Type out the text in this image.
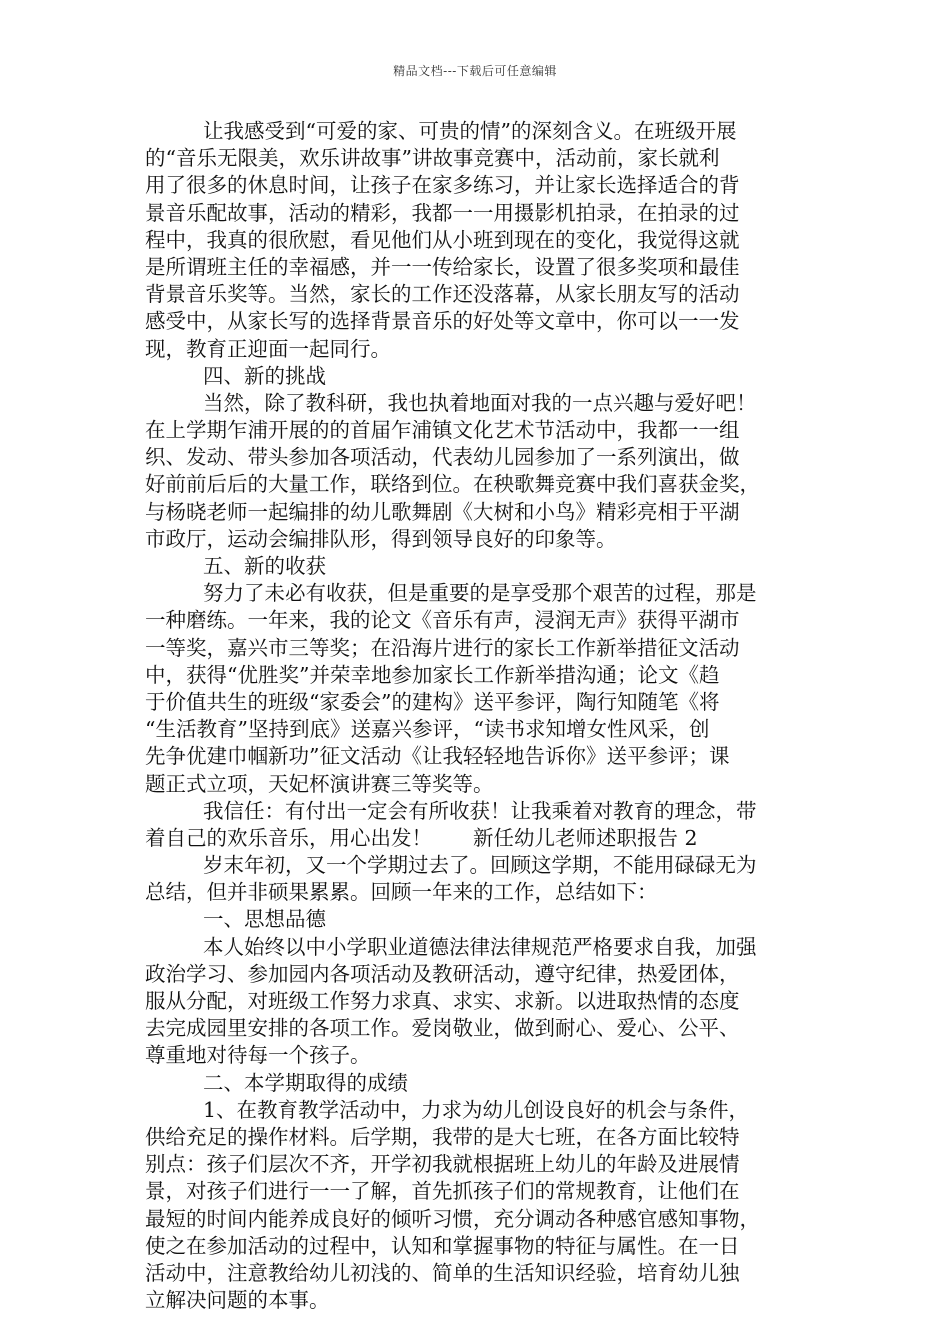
精品文档---下载后可任意编辑
让我感受到“可爱的家、可贵的情”的深刻含义。在班级开展
的“音乐无限美，欢乐讲故事”讲故事竞赛中，活动前，家长就利
用了很多的休息时间，让孩子在家多练习，并让家长选择适合的背
景音乐配故事，活动的精彩，我都一一用摄影机拍录，在拍录的过
程中，我真的很欣慰，看见他们从小班到现在的变化，我觉得这就
是所谓班主任的幸福感，并一一传给家长，设置了很多奖项和最佳
背景音乐奖等。当然，家长的工作还没落幕，从家长朋友写的活动
感受中，从家长写的选择背景音乐的好处等文章中，你可以一一发
现，教育正迎面一起同行。
四、新的挑战
当然，除了教科研，我也执着地面对我的一点兴趣与爱好吧！
在上学期乍浦开展的的首届乍浦镇文化艺术节活动中，我都一一组
织、发动、带头参加各项活动，代表幼儿园参加了一系列演出，做
好前前后后的大量工作，联络到位。在秧歌舞竞赛中我们喜获金奖，
与杨晓老师一起编排的幼儿歌舞剧《大树和小鸟》精彩亮相于平湖
市政厅，运动会编排队形，得到领导良好的印象等。
五、新的收获
努力了未必有收获，但是重要的是享受那个艰苦的过程，那是
一种磨练。一年来，我的论文《音乐有声，浸润无声》获得平湖市
一等奖，嘉兴市三等奖；在沿海片进行的家长工作新举措征文活动
中，获得“优胜奖”并荣幸地参加家长工作新举措沟通；论文《趋
于价值共生的班级“家委会”的建构》送平参评，陶行知随笔《将
“生活教育”坚持到底》送嘉兴参评，“读书求知增女性风采，创
先争优建巾帼新功”征文活动《让我轻轻地告诉你》送平参评；课
题正式立项，天妃杯演讲赛三等奖等。
我信任：有付出一定会有所收获！让我乘着对教育的理念，带
着自己的欢乐音乐，用心出发！　　新任幼儿老师述职报告 2
岁末年初，又一个学期过去了。回顾这学期，不能用碌碌无为
总结，但并非硕果累累。回顾一年来的工作，总结如下：
一、思想品德
本人始终以中小学职业道德法律法律规范严格要求自我，加强
政治学习、参加园内各项活动及教研活动，遵守纪律，热爱团体，
服从分配，对班级工作努力求真、求实、求新。以进取热情的态度
去完成园里安排的各项工作。爱岗敬业，做到耐心、爱心、公平、
尊重地对待每一个孩子。
二、本学期取得的成绩
1、在教育教学活动中，力求为幼儿创设良好的机会与条件，
供给充足的操作材料。后学期，我带的是大七班，在各方面比较特
别点：孩子们层次不齐，开学初我就根据班上幼儿的年龄及进展情
景，对孩子们进行一一了解，首先抓孩子们的常规教育，让他们在
最短的时间内能养成良好的倾听习惯，充分调动各种感官感知事物，
使之在参加活动的过程中，认知和掌握事物的特征与属性。在一日
活动中，注意教给幼儿初浅的、简单的生活知识经验，培育幼儿独
立解决问题的本事。
